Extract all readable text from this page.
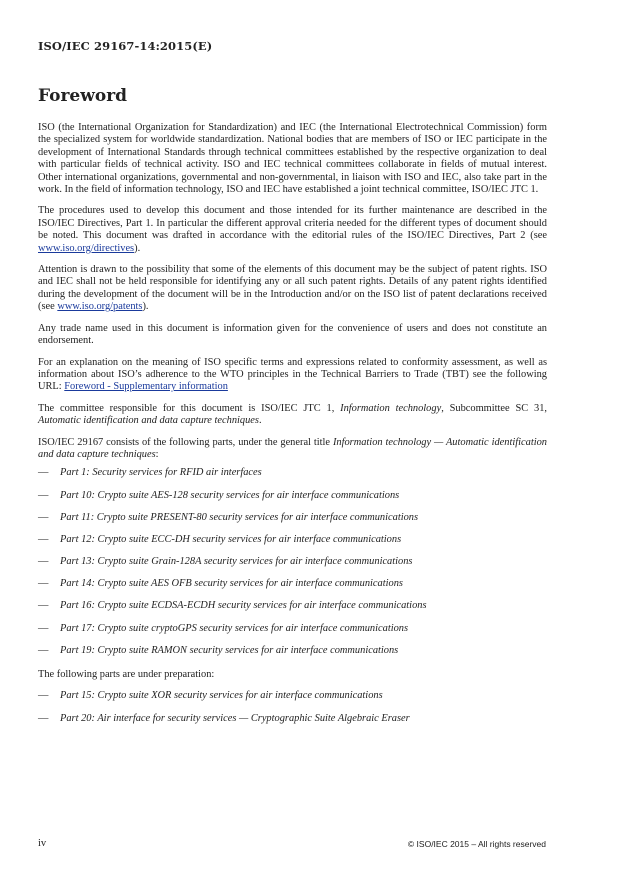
ISO/IEC 29167-14:2015(E)
Foreword

ISO (the International Organization for Standardization) and IEC (the International Electrotechnical Commission) form the specialized system for worldwide standardization. National bodies that are members of ISO or IEC participate in the development of International Standards through technical committees established by the respective organization to deal with particular fields of technical activity. ISO and IEC technical committees collaborate in fields of mutual interest. Other international organizations, governmental and non-governmental, in liaison with ISO and IEC, also take part in the work. In the field of information technology, ISO and IEC have established a joint technical committee, ISO/IEC JTC 1.

The procedures used to develop this document and those intended for its further maintenance are described in the ISO/IEC Directives, Part 1. In particular the different approval criteria needed for the different types of document should be noted. This document was drafted in accordance with the editorial rules of the ISO/IEC Directives, Part 2 (see www.iso.org/directives).

Attention is drawn to the possibility that some of the elements of this document may be the subject of patent rights. ISO and IEC shall not be held responsible for identifying any or all such patent rights. Details of any patent rights identified during the development of the document will be in the Introduction and/or on the ISO list of patent declarations received (see www.iso.org/patents).

Any trade name used in this document is information given for the convenience of users and does not constitute an endorsement.

For an explanation on the meaning of ISO specific terms and expressions related to conformity assessment, as well as information about ISO’s adherence to the WTO principles in the Technical Barriers to Trade (TBT) see the following URL: Foreword - Supplementary information

The committee responsible for this document is ISO/IEC JTC 1, Information technology, Subcommittee SC 31, Automatic identification and data capture techniques.

ISO/IEC 29167 consists of the following parts, under the general title Information technology — Automatic identification and data capture techniques:

—	Part 1: Security services for RFID air interfaces
—	Part 10: Crypto suite AES-128 security services for air interface communications
—	Part 11: Crypto suite PRESENT-80 security services for air interface communications
—	Part 12: Crypto suite ECC-DH security services for air interface communications
—	Part 13: Crypto suite Grain-128A security services for air interface communications
—	Part 14: Crypto suite AES OFB security services for air interface communications
—	Part 16: Crypto suite ECDSA-ECDH security services for air interface communications
—	Part 17: Crypto suite cryptoGPS security services for air interface communications
—	Part 19: Crypto suite RAMON security services for air interface communications

The following parts are under preparation:

—	Part 15: Crypto suite XOR security services for air interface communications
—	Part 20: Air interface for security services — Cryptographic Suite Algebraic Eraser
iv	© ISO/IEC 2015 – All rights reserved
